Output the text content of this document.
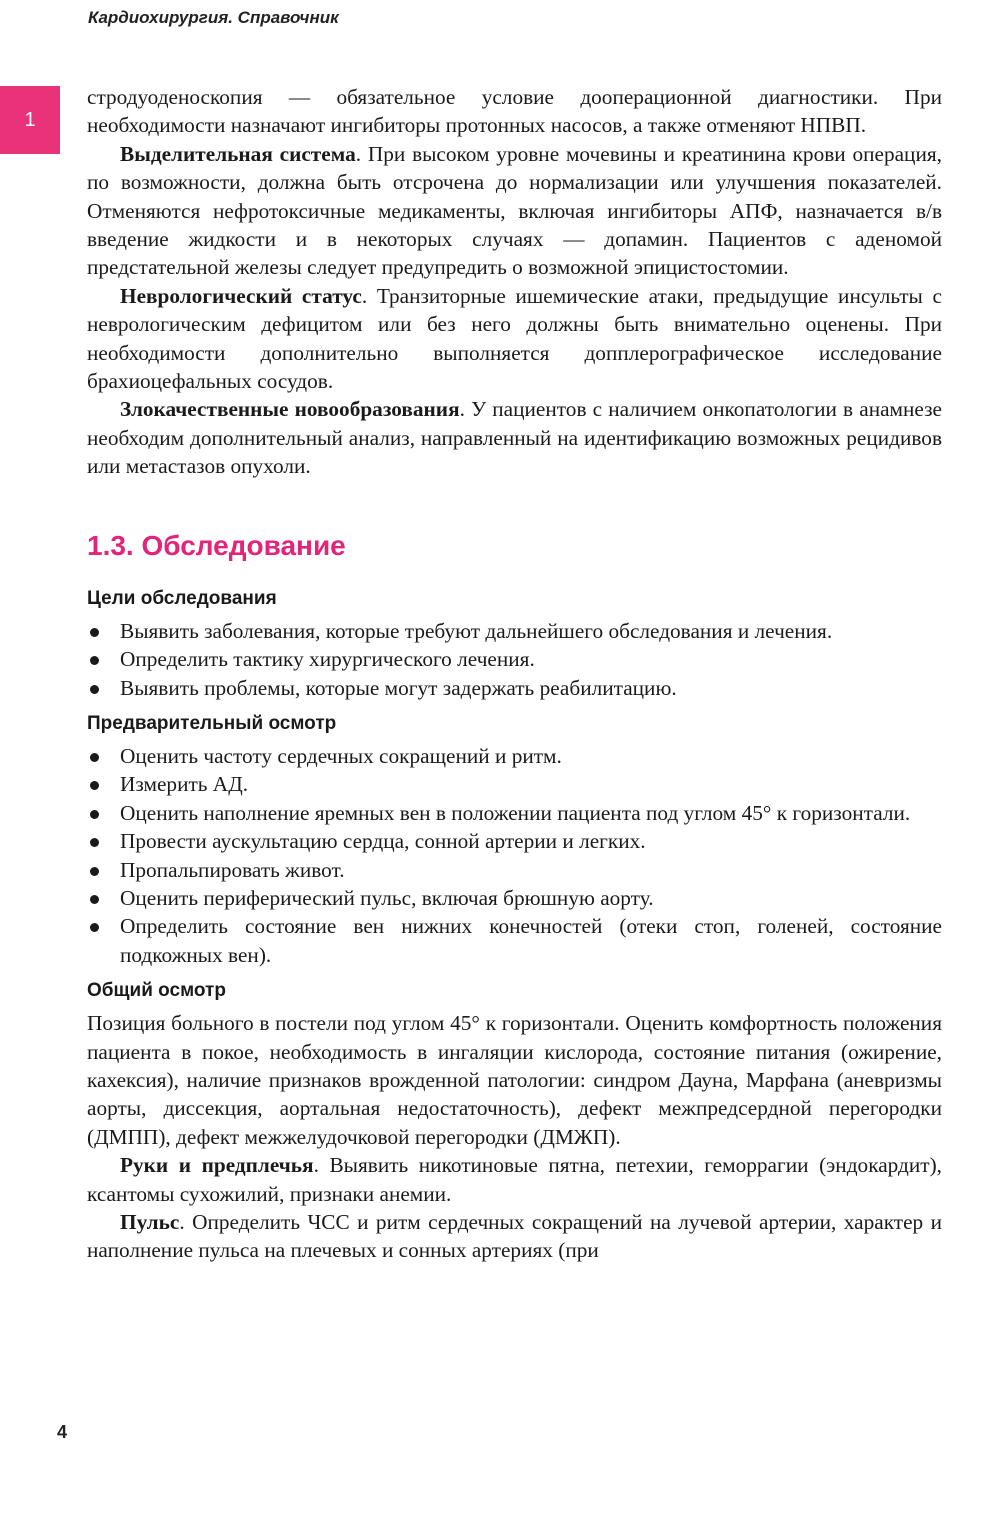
Кардиохирургия. Справочник
1

стродуоденоскопия — обязательное условие дооперационной диагностики. При необходимости назначают ингибиторы протонных насосов, а также отменяют НПВП.

Выделительная система. При высоком уровне мочевины и креатинина крови операция, по возможности, должна быть отсрочена до нормализации или улучшения показателей. Отменяются нефротоксичные медикаменты, включая ингибиторы АПФ, назначается в/в введение жидкости и в некоторых случаях — допамин. Пациентов с аденомой предстательной железы следует предупредить о возможной эпицистостомии.

Неврологический статус. Транзиторные ишемические атаки, предыдущие инсульты с неврологическим дефицитом или без него должны быть внимательно оценены. При необходимости дополнительно выполняется допплерографическое исследование брахиоцефальных сосудов.

Злокачественные новообразования. У пациентов с наличием онкопатологии в анамнезе необходим дополнительный анализ, направленный на идентификацию возможных рецидивов или метастазов опухоли.

1.3. Обследование
Цели обследования
Выявить заболевания, которые требуют дальнейшего обследования и лечения.
Определить тактику хирургического лечения.
Выявить проблемы, которые могут задержать реабилитацию.
Предварительный осмотр
Оценить частоту сердечных сокращений и ритм.
Измерить АД.
Оценить наполнение яремных вен в положении пациента под углом 45° к горизонтали.
Провести аускультацию сердца, сонной артерии и легких.
Пропальпировать живот.
Оценить периферический пульс, включая брюшную аорту.
Определить состояние вен нижних конечностей (отеки стоп, голеней, состояние подкожных вен).
Общий осмотр

Позиция больного в постели под углом 45° к горизонтали. Оценить комфортность положения пациента в покое, необходимость в ингаляции кислорода, состояние питания (ожирение, кахексия), наличие признаков врожденной патологии: синдром Дауна, Марфана (аневризмы аорты, диссекция, аортальная недостаточность), дефект межпредсердной перегородки (ДМПП), дефект межжелудочковой перегородки (ДМЖП).

Руки и предплечья. Выявить никотиновые пятна, петехии, геморрагии (эндокардит), ксантомы сухожилий, признаки анемии.

Пульс. Определить ЧСС и ритм сердечных сокращений на лучевой артерии, характер и наполнение пульса на плечевых и сонных артериях (при

4
